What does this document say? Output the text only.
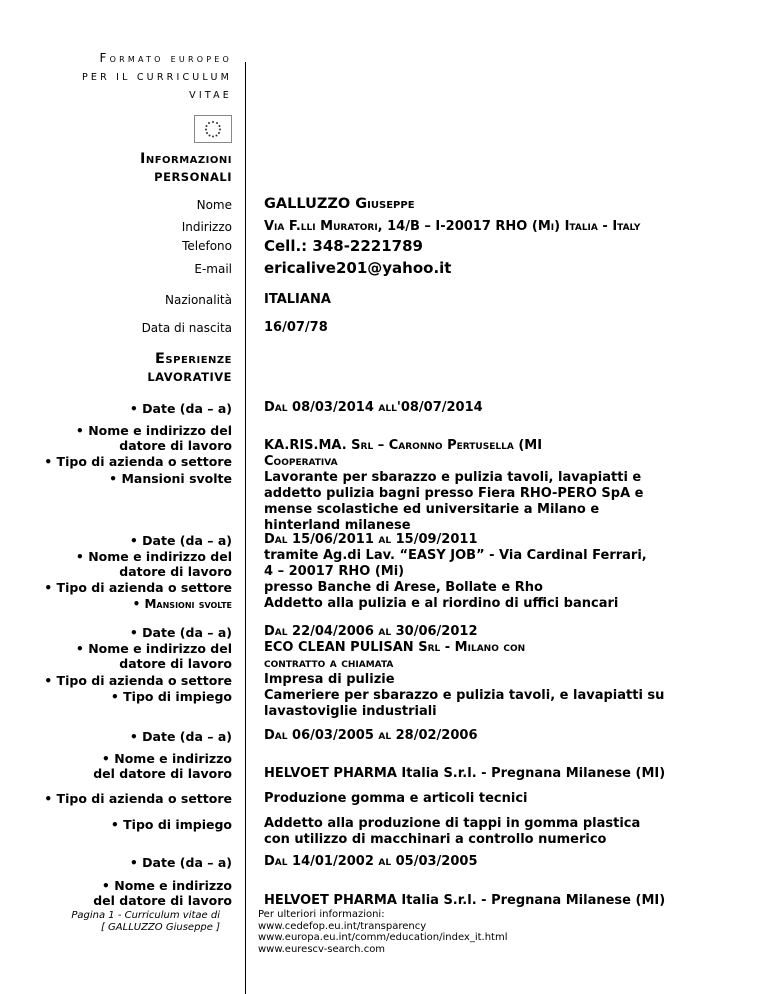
Formato europeo
PER IL CURRICULUM
VITAE
Informazioni
PERSONALI
Nome GALLUZZO Giuseppe
Indirizzo Via F.lli Muratori, 14/B – I-20017 RHO (Mi) Italia - Italy
Telefono Cell.: 348-2221789
E-mail ericalive201@yahoo.it
Nazionalità ITALIANA
Data di nascita 16/07/78
Esperienze
LAVORATIVE
• Date (da – a) Dal 08/03/2014 all'08/07/2014
• Nome e indirizzo del datore di lavoro KA.RIS.MA. Srl – Caronno Pertusella (MI
• Tipo di azienda o settore Cooperativa
• Mansioni svolte Lavorante per sbarazzo e pulizia tavoli, lavapiatti e addetto pulizia bagni presso Fiera RHO-PERO SpA e mense scolastiche ed universitarie a Milano e hinterland milanese
• Date (da – a) Dal 15/06/2011 al 15/09/2011
• Nome e indirizzo del datore di lavoro
tramite Ag.di Lav. “EASY JOB” - Via Cardinal Ferrari, 4 – 20017 RHO (Mi)
• Tipo di azienda o settore presso Banche di Arese, Bollate e Rho
• Mansioni svolte Addetto alla pulizia e al riordino di uffici bancari
• Date (da – a) Dal 22/04/2006 al 30/06/2012
• Nome e indirizzo del datore di lavoro
ECO CLEAN PULISAN Srl - Milano con contratto a chiamata
• Tipo di azienda o settore Impresa di pulizie
• Tipo di impiego Cameriere per sbarazzo e pulizia tavoli, e lavapiatti su lavastoviglie industriali
• Date (da – a) Dal 06/03/2005 al 28/02/2006
• Nome e indirizzo del datore di lavoro HELVOET PHARMA Italia S.r.l. - Pregnana Milanese (MI)
• Tipo di azienda o settore Produzione gomma e articoli tecnici
• Tipo di impiego Addetto alla produzione di tappi in gomma plastica con utilizzo di macchinari a controllo numerico
• Date (da – a) Dal 14/01/2002 al 05/03/2005
• Nome e indirizzo del datore di lavoro HELVOET PHARMA Italia S.r.l. - Pregnana Milanese (MI)
Pagina 1 - Curriculum vitae di
[ GALLUZZO Giuseppe ]
Per ulteriori informazioni:
www.cedefop.eu.int/transparency
www.europa.eu.int/comm/education/index_it.html
www.eurescv-search.com
